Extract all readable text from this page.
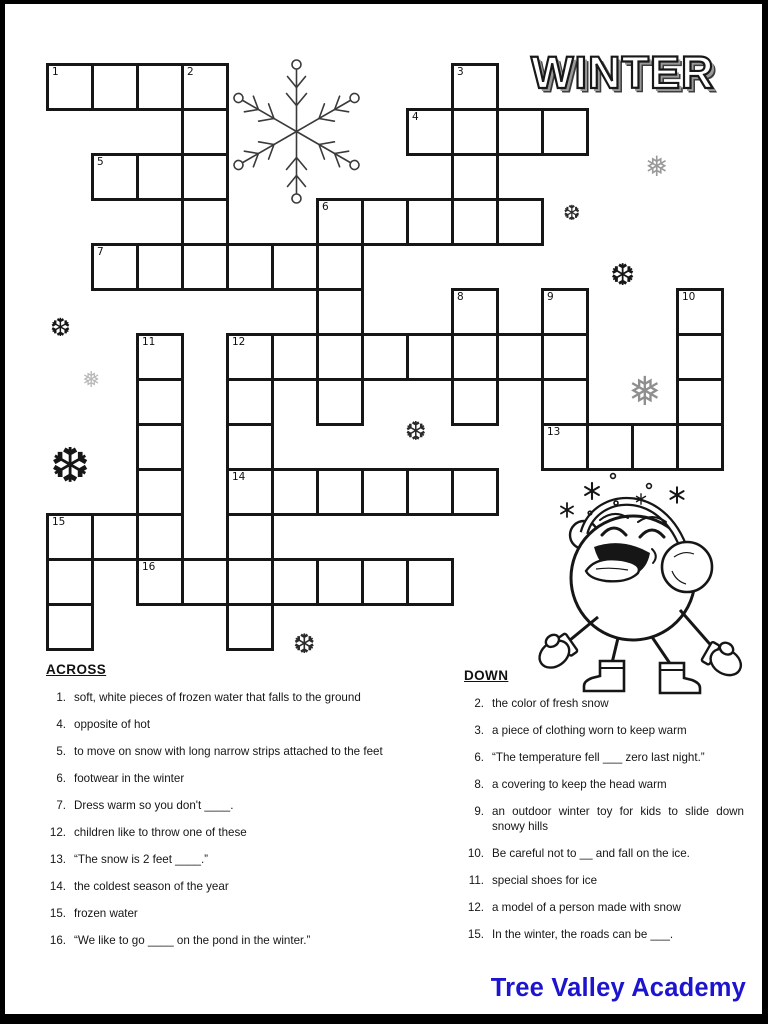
WINTER
1	2	3
4
5
6
7
8	9	10
11	12
13
14
15
16
❅
❆
❆
❆
❅
❆
❆
❅
❆
ACROSS
1. soft, white pieces of frozen water that falls to the ground
4. opposite of hot
5. to move on snow with long narrow strips attached to the feet
6. footwear in the winter
7. Dress warm so you don't ____.
12. children like to throw one of these
13. “The snow is 2 feet ____.”
14. the coldest season of the year
15. frozen water
16. “We like to go ____ on the pond in the winter.”
DOWN
2. the color of fresh snow
3. a piece of clothing worn to keep warm
6. “The temperature fell ___ zero last night.”
8. a covering to keep the head warm
9. an outdoor winter toy for kids to slide down snowy hills
10. Be careful not to __ and fall on the ice.
11. special shoes for ice
12. a model of a person made with snow
15. In the winter, the roads can be ___.
Tree Valley Academy
